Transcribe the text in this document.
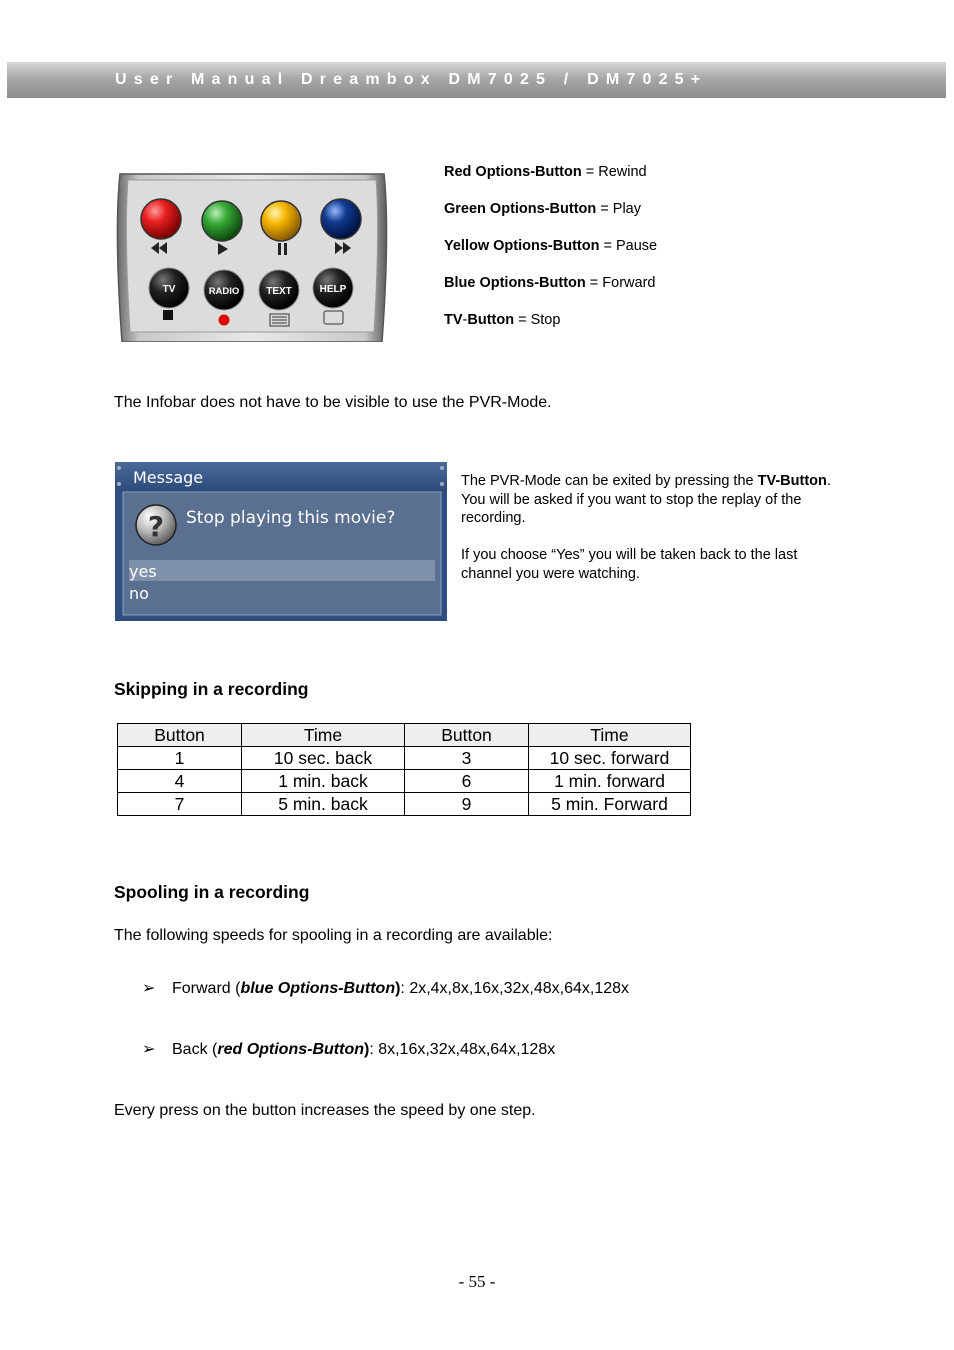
User Manual Dreambox DM7025 / DM7025+
TV	RADIO	TEXT	HELP
Red Options-Button = Rewind
Green Options-Button = Play
Yellow Options-Button = Pause
Blue Options-Button = Forward
TV-Button = Stop
The Infobar does not have to be visible to use the PVR-Mode.
?
Message
Stop playing this movie?
yes
no
The PVR-Mode can be exited by pressing the TV-Button. You will be asked if you want to stop the replay of the recording.
If you choose “Yes” you will be taken back to the last channel you were watching.
Skipping in a recording
Button	Time	Button	Time
1	10 sec. back	3	10 sec. forward
4	1 min. back	6	1 min. forward
7	5 min. back	9	5 min. Forward
Spooling in a recording
The following speeds for spooling in a recording are available:
➢ Forward (blue Options-Button): 2x,4x,8x,16x,32x,48x,64x,128x
➢ Back (red Options-Button): 8x,16x,32x,48x,64x,128x
Every press on the button increases the speed by one step.
- 55 -
